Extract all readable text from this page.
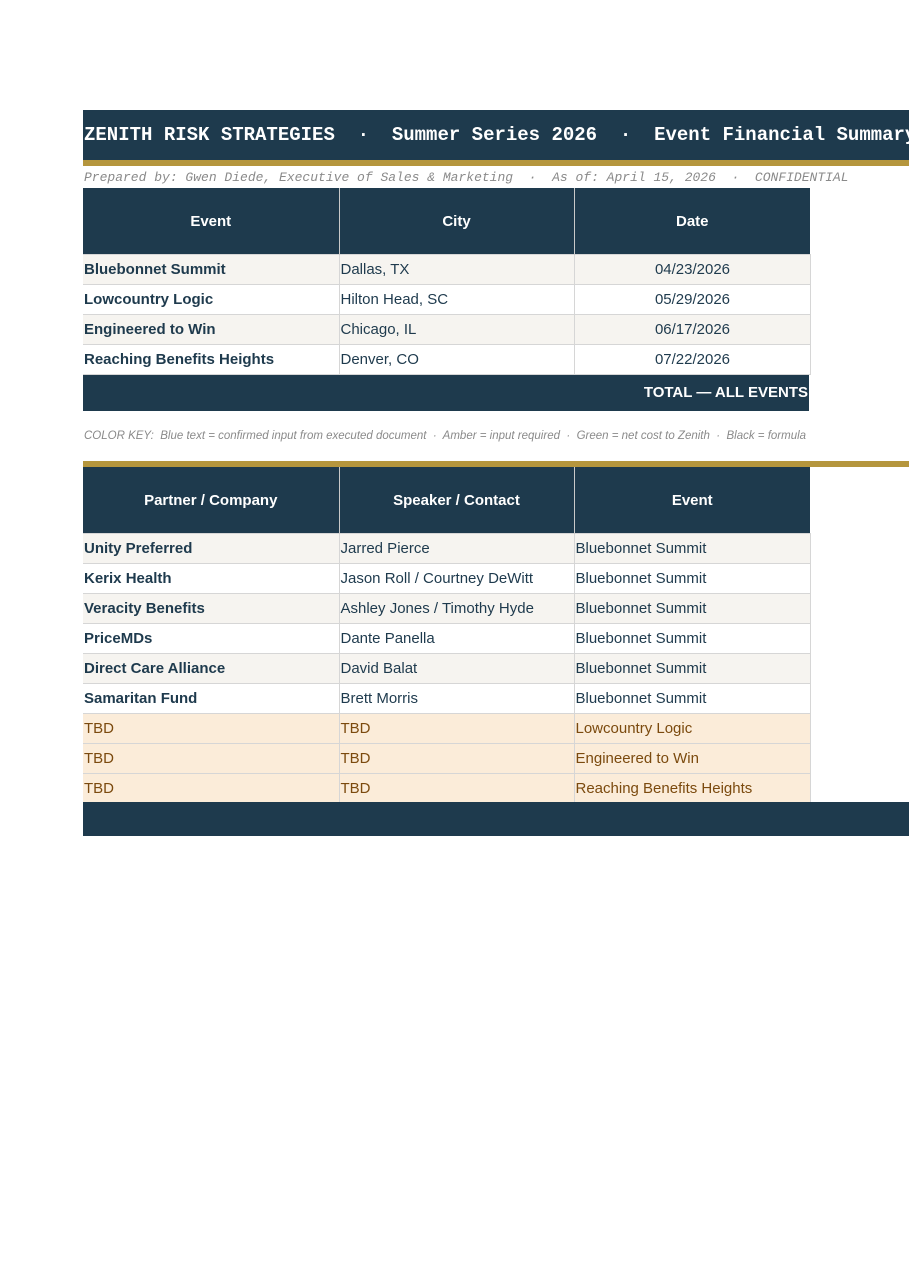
ZENITH RISK STRATEGIES  ·  Summer Series 2026  ·  Event Financial Summary
Prepared by: Gwen Diede, Executive of Sales & Marketing  ·  As of: April 15, 2026  ·  CONFIDENTIAL
Event	City	Date
Bluebonnet Summit	Dallas, TX	04/23/2026
Lowcountry Logic	Hilton Head, SC	05/29/2026
Engineered to Win	Chicago, IL	06/17/2026
Reaching Benefits Heights	Denver, CO	07/22/2026
TOTAL — ALL EVENTS
COLOR KEY:  Blue text = confirmed input from executed document  ·  Amber = input required  ·  Green = net cost to Zenith  ·  Black = formula
Partner / Company	Speaker / Contact	Event
Unity Preferred	Jarred Pierce	Bluebonnet Summit
Kerix Health	Jason Roll / Courtney DeWitt	Bluebonnet Summit
Veracity Benefits	Ashley Jones / Timothy Hyde	Bluebonnet Summit
PriceMDs	Dante Panella	Bluebonnet Summit
Direct Care Alliance	David Balat	Bluebonnet Summit
Samaritan Fund	Brett Morris	Bluebonnet Summit
TBD	TBD	Lowcountry Logic
TBD	TBD	Engineered to Win
TBD	TBD	Reaching Benefits Heights
